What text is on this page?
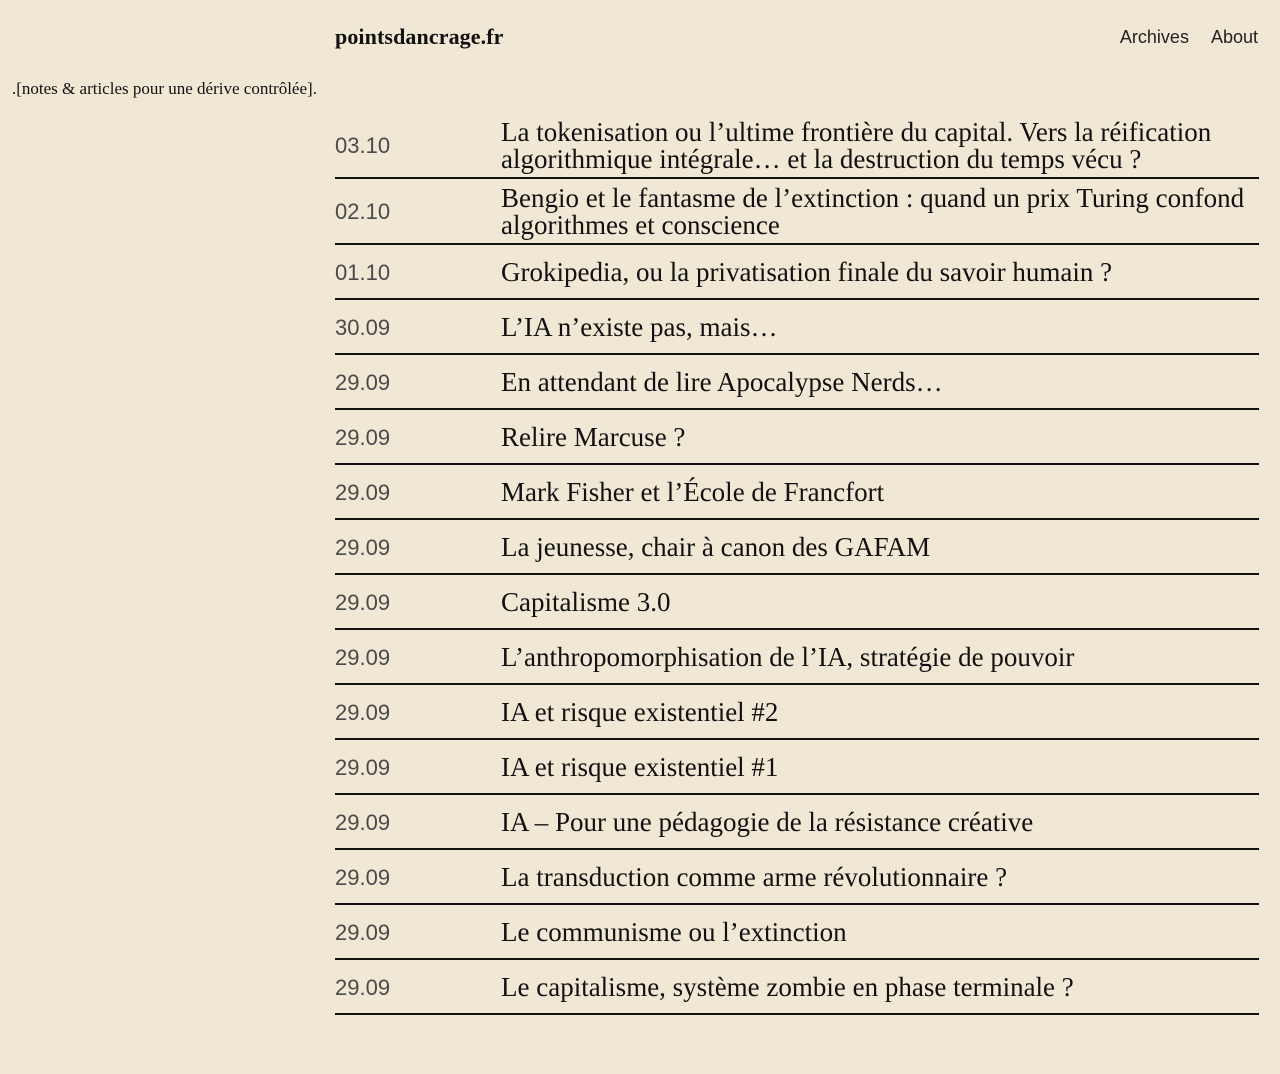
pointsdancrage.fr	Archives About
.[notes & articles pour une dérive contrôlée].
03.10	La tokenisation ou l’ultime frontière du capital. Vers la réification algorithmique intégrale… et la destruction du temps vécu ?
02.10	Bengio et le fantasme de l’extinction : quand un prix Turing confond algorithmes et conscience
01.10	Grokipedia, ou la privatisation finale du savoir humain ?
30.09	L’IA n’existe pas, mais…
29.09	En attendant de lire Apocalypse Nerds…
29.09	Relire Marcuse ?
29.09	Mark Fisher et l’École de Francfort
29.09	La jeunesse, chair à canon des GAFAM
29.09	Capitalisme 3.0
29.09	L’anthropomorphisation de l’IA, stratégie de pouvoir
29.09	IA et risque existentiel #2
29.09	IA et risque existentiel #1
29.09	IA – Pour une pédagogie de la résistance créative
29.09	La transduction comme arme révolutionnaire ?
29.09	Le communisme ou l’extinction
29.09	Le capitalisme, système zombie en phase terminale ?
